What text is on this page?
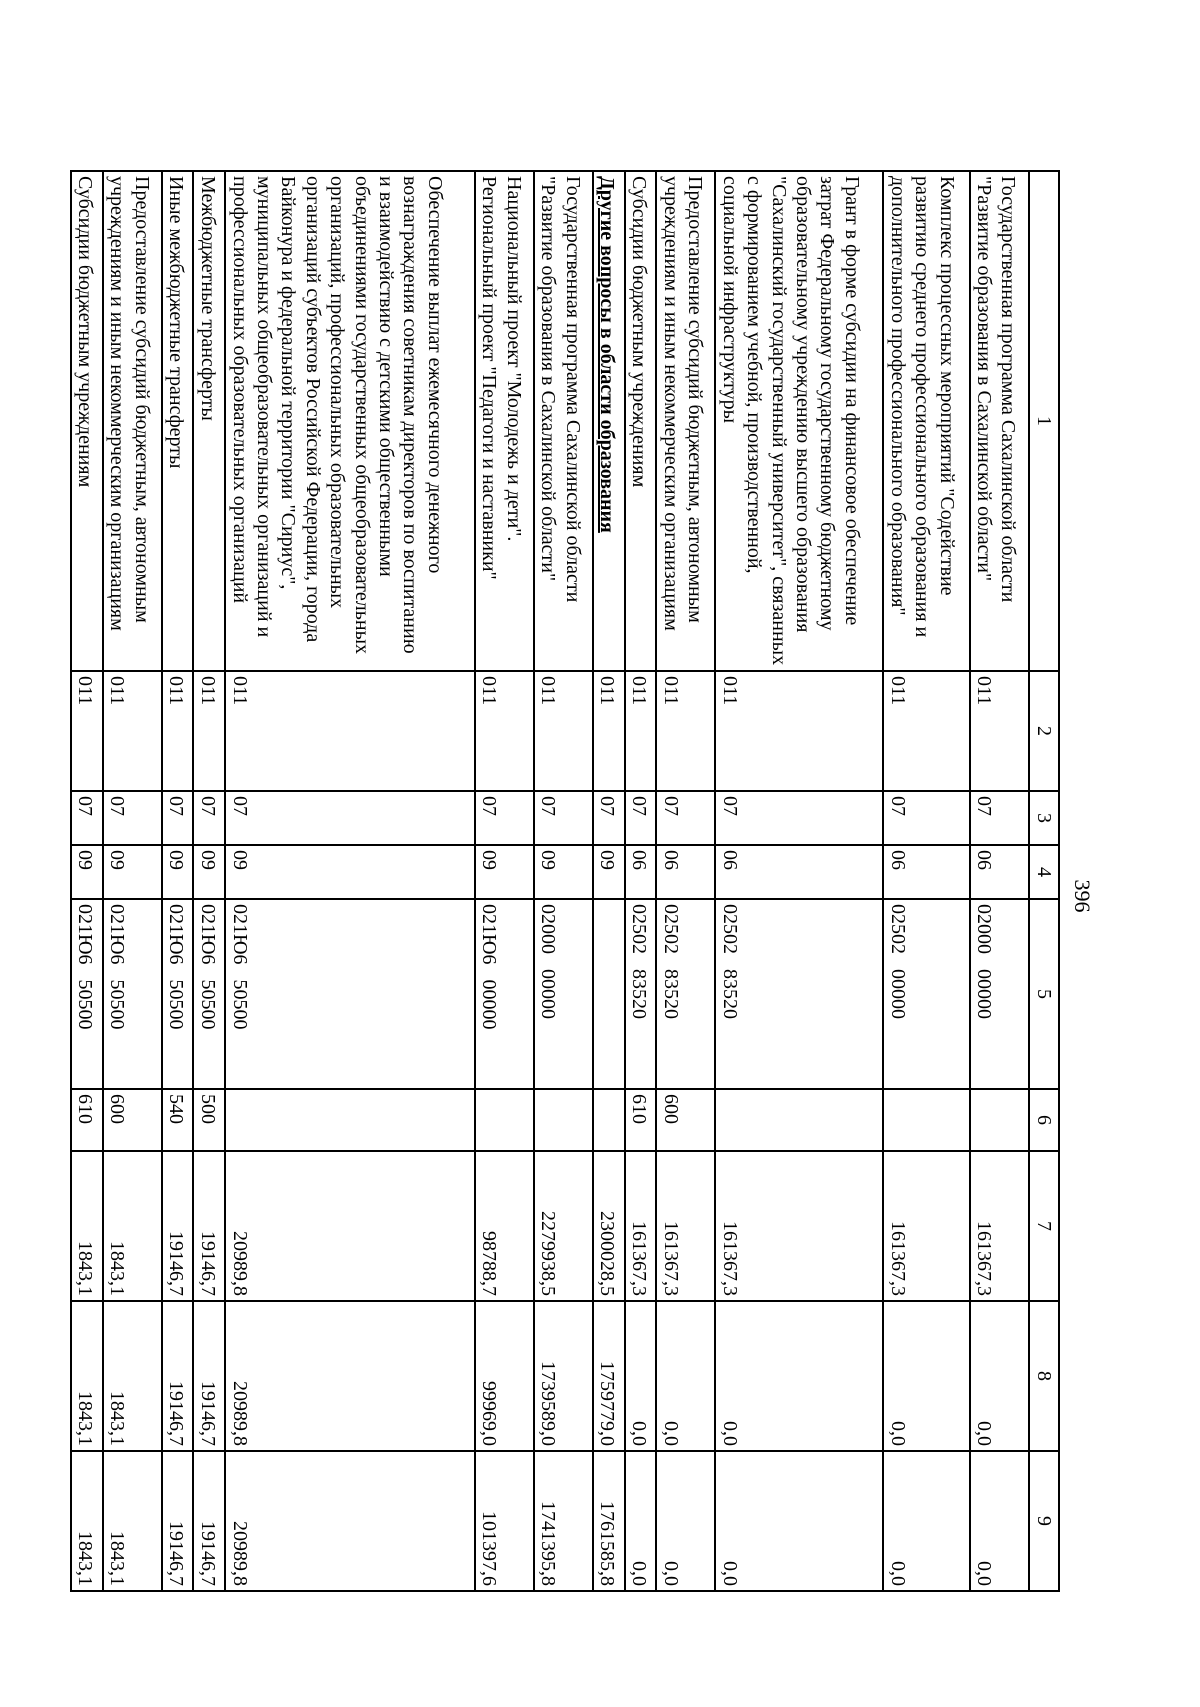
396
1	2	3	4	5	6	7	8	9
Государственная программа Сахалинской области "Развитие образования в Сахалинской области"	011	07	06	02000   00000		161367,3	0,0	0,0
Комплекс процессных мероприятий "Содействие развитию среднего профессионального образования и дополнительного профессионального образования"	011	07	06	02502   00000		161367,3	0,0	0,0
Грант в форме субсидии на финансовое обеспечение затрат Федеральному государственному бюджетному образовательному учреждению высшего образования "Сахалинский государственный университет", связанных с формированием учебной, производственной, социальной инфраструктуры	011	07	06	02502   83520		161367,3	0,0	0,0
Предоставление субсидий бюджетным, автономным учреждениям и иным некоммерческим организациям	011	07	06	02502   83520	600	161367,3	0,0	0,0
Субсидии бюджетным учреждениям	011	07	06	02502   83520	610	161367,3	0,0	0,0
Другие вопросы в области образования	011	07	09			2300028,5	1759779,0	1761585,8
Государственная программа Сахалинской области "Развитие образования в Сахалинской области"	011	07	09	02000   00000		2279938,5	1739589,0	1741395,8
Национальный проект "Молодежь и дети". Региональный проект "Педагоги и наставники"	011	07	09	021Ю6   00000		98788,7	99969,0	101397,6
Обеспечение выплат ежемесячного денежного вознаграждения советникам директоров по воспитанию и взаимодействию с детскими общественными объединениями государственных общеобразовательных организаций, профессиональных образовательных организаций субъектов Российской Федерации, города Байконура и федеральной территории "Сириус", муниципальных общеобразовательных организаций и профессиональных образовательных организаций	011	07	09	021Ю6   50500		20989,8	20989,8	20989,8
Межбюджетные трансферты	011	07	09	021Ю6   50500	500	19146,7	19146,7	19146,7
Иные межбюджетные трансферты	011	07	09	021Ю6   50500	540	19146,7	19146,7	19146,7
Предоставление субсидий бюджетным, автономным учреждениям и иным некоммерческим организациям	011	07	09	021Ю6   50500	600	1843,1	1843,1	1843,1
Субсидии бюджетным учреждениям	011	07	09	021Ю6   50500	610	1843,1	1843,1	1843,1
